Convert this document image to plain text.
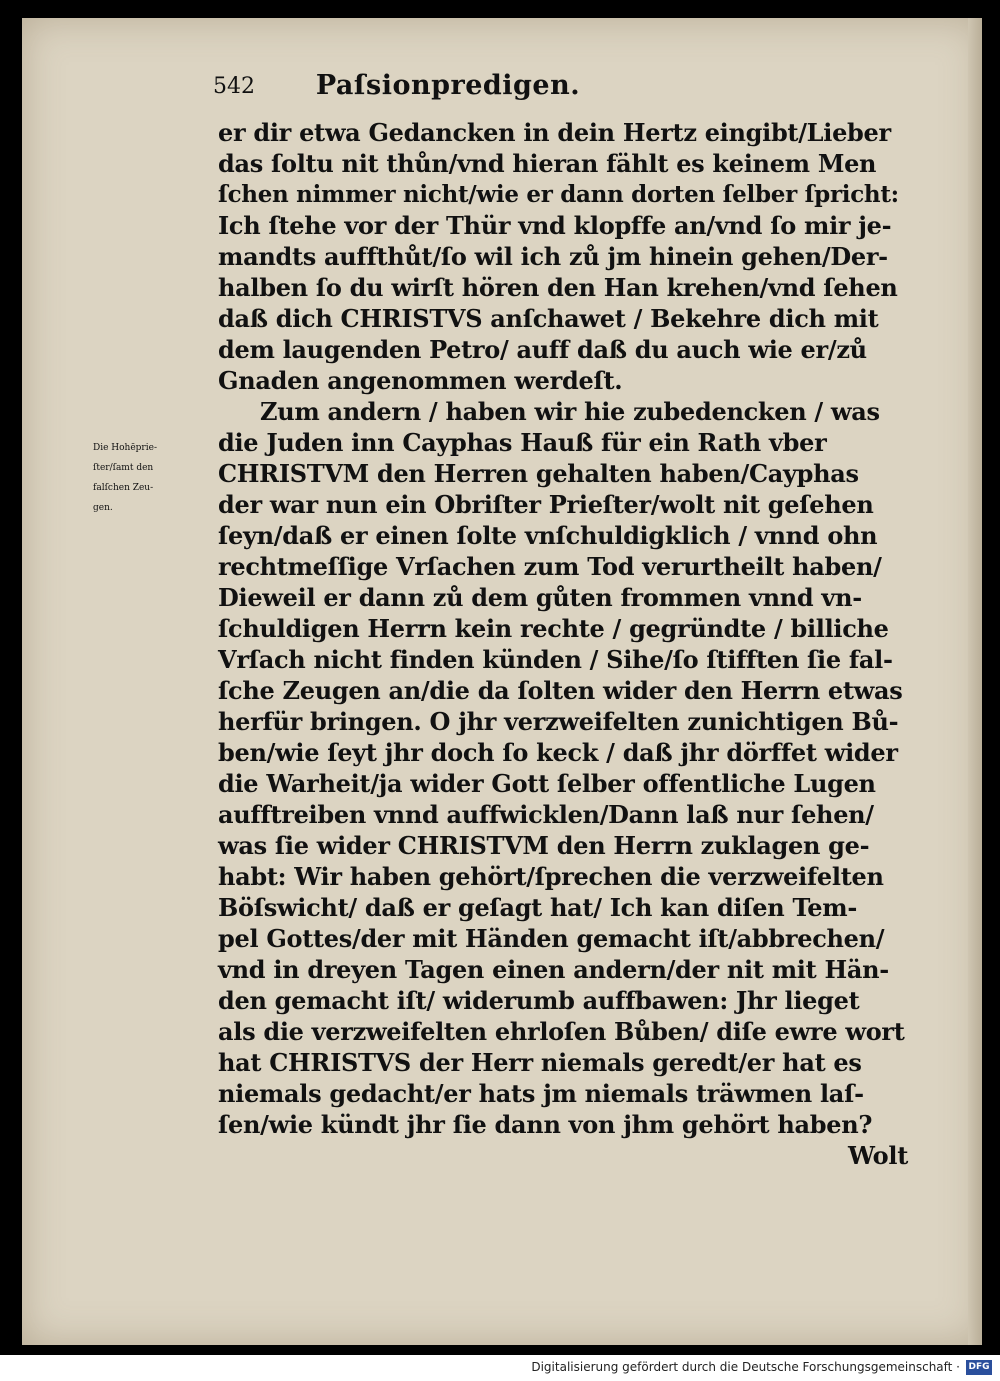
542	Paſsionpredigen.
Die Hohēprie-
ſter/ſamt den
falſchen Zeu-
gen.
er dir etwa Gedancken in dein Hertz eingibt/Lieber
das ſoltu nit thůn/vnd hieran fählt es keinem Men
ſchen nimmer nicht/wie er dann dorten ſelber ſpricht:
Ich ſtehe vor der Thür vnd klopffe an/vnd ſo mir je-
mandts auffthůt/ſo wil ich zů jm hinein gehen/Der-
halben ſo du wirſt hören den Han krehen/vnd ſehen
daß dich CHRISTVS anſchawet / Bekehre dich mit
dem laugenden Petro/ auff daß du auch wie er/zů
Gnaden angenommen werdeſt.
Zum andern / haben wir hie zubedencken / was
die Juden inn Cayphas Hauß für ein Rath vber
CHRISTVM den Herren gehalten haben/Cayphas
der war nun ein Obriſter Prieſter/wolt nit geſehen
ſeyn/daß er einen ſolte vnſchuldigklich / vnnd ohn
rechtmeſſige Vrſachen zum Tod verurtheilt haben/
Dieweil er dann zů dem gůten frommen vnnd vn-
ſchuldigen Herrn kein rechte / gegründte / billiche
Vrſach nicht finden künden / Sihe/ſo ſtifften ſie fal-
ſche Zeugen an/die da ſolten wider den Herrn etwas
herfür bringen. O jhr verzweifelten zunichtigen Bů-
ben/wie ſeyt jhr doch ſo keck / daß jhr dörffet wider
die Warheit/ja wider Gott ſelber offentliche Lugen
aufftreiben vnnd auffwicklen/Dann laß nur ſehen/
was ſie wider CHRISTVM den Herrn zuklagen ge-
habt: Wir haben gehört/ſprechen die verzweifelten
Böſswicht/ daß er geſagt hat/ Ich kan diſen Tem-
pel Gottes/der mit Händen gemacht iſt/abbrechen/
vnd in dreyen Tagen einen andern/der nit mit Hän-
den gemacht iſt/ widerumb auffbawen: Jhr lieget
als die verzweifelten ehrloſen Bůben/ diſe ewre wort
hat CHRISTVS der Herr niemals geredt/er hat es
niemals gedacht/er hats jm niemals träwmen laſ-
ſen/wie kündt jhr ſie dann von jhm gehört haben?
Wolt
Digitalisierung gefördert durch die Deutsche Forschungsgemeinschaft · DFG
